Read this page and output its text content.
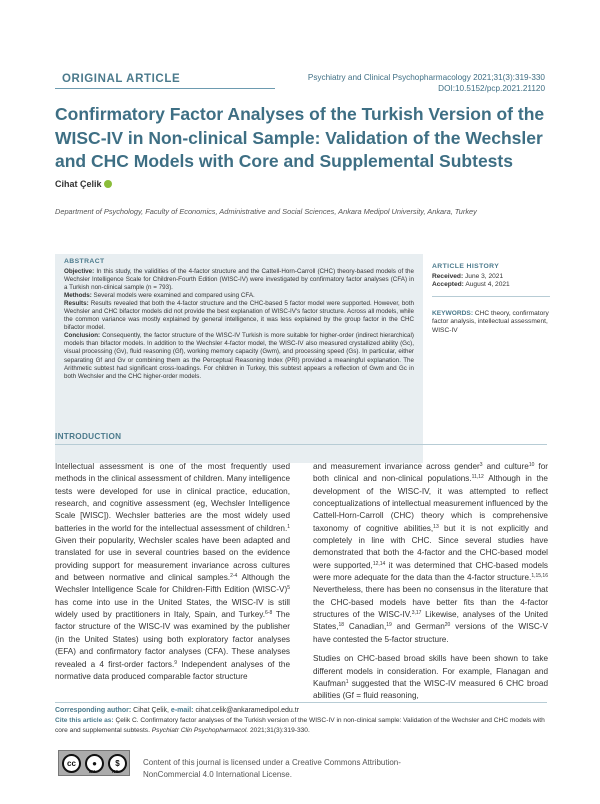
ORIGINAL ARTICLE	Psychiatry and Clinical Psychopharmacology 2021;31(3):319-330
DOI:10.5152/pcp.2021.21120
Confirmatory Factor Analyses of the Turkish Version of the WISC-IV in Non-clinical Sample: Validation of the Wechsler and CHC Models with Core and Supplemental Subtests
Cihat Çelik
Department of Psychology, Faculty of Economics, Administrative and Social Sciences, Ankara Medipol University, Ankara, Turkey
ABSTRACT

Objective: In this study, the validities of the 4-factor structure and the Cattell-Horn-Carroll (CHC) theory-based models of the Wechsler Intelligence Scale for Children-Fourth Edition (WISC-IV) were investigated by confirmatory factor analyses (CFA) in a Turkish non-clinical sample (n = 793).

Methods: Several models were examined and compared using CFA.

Results: Results revealed that both the 4-factor structure and the CHC-based 5 factor model were supported. However, both Wechsler and CHC bifactor models did not provide the best explanation of WISC-IV's factor structure. Across all models, while the common variance was mostly explained by general intelligence, it was less explained by the group factor in the CHC bifactor model.

Conclusion: Consequently, the factor structure of the WISC-IV Turkish is more suitable for higher-order (indirect hierarchical) models than bifactor models. In addition to the Wechsler 4-factor model, the WISC-IV also measured crystallized ability (Gc), visual processing (Gv), fluid reasoning (Gf), working memory capacity (Gwm), and processing speed (Gs). In particular, either separating Gf and Gv or combining them as the Perceptual Reasoning Index (PRI) provided a meaningful explanation. The Arithmetic subtest had significant cross-loadings. For children in Turkey, this subtest appears a reflection of Gwm and Gc in both Wechsler and the CHC higher-order models.

ARTICLE HISTORY
Received: June 3, 2021
Accepted: August 4, 2021
KEYWORDS: CHC theory, confirmatory factor analysis, intellectual assessment, WISC-IV
INTRODUCTION

Intellectual assessment is one of the most frequently used methods in the clinical assessment of children. Many intelligence tests were developed for use in clinical practice, education, research, and cognitive assessment (eg, Wechsler Intelligence Scale [WISC]). Wechsler batteries are the most widely used batteries in the world for the intellectual assessment of children.$^1$ Given their popularity, Wechsler scales have been adapted and translated for use in several countries based on the evidence providing support for measurement invariance across cultures and between normative and clinical samples.$^{2-4}$ Although the Wechsler Intelligence Scale for Children-Fifth Edition (WISC-V)$^5$ has come into use in the United States, the WISC-IV is still widely used by practitioners in Italy, Spain, and Turkey.$^{6-8}$ The factor structure of the WISC-IV was examined by the publisher (in the United States) using both exploratory factor analyses (EFA) and confirmatory factor analyses (CFA). These analyses revealed a 4 first-order factors.$^9$ Independent analyses of the normative data produced comparable factor structure

and measurement invariance across gender$^3$ and culture$^{10}$ for both clinical and non-clinical populations.$^{11,12}$ Although in the development of the WISC-IV, it was attempted to reflect conceptualizations of intellectual measurement influenced by the Cattell-Horn-Carroll (CHC) theory which is comprehensive taxonomy of cognitive abilities,$^{13}$ but it is not explicitly and completely in line with CHC. Since several studies have demonstrated that both the 4-factor and the CHC-based model were supported,$^{12,14}$ it was determined that CHC-based models were more adequate for the data than the 4-factor structure.$^{1,15,16}$ Nevertheless, there has been no consensus in the literature that the CHC-based models have better fits than the 4-factor structures of the WISC-IV.$^{3,17}$ Likewise, analyses of the United States,$^{18}$ Canadian,$^{19}$ and German$^{20}$ versions of the WISC-V have contested the 5-factor structure.

Studies on CHC-based broad skills have been shown to take different models in consideration. For example, Flanagan and Kaufman$^1$ suggested that the WISC-IV measured 6 CHC broad abilities (Gf = fluid reasoning,

Corresponding author: Cihat Çelik, e-mail: cihat.celik@ankaramedipol.edu.tr
Cite this article as: Çelik C. Confirmatory factor analyses of the Turkish version of the WISC-IV in non-clinical sample: Validation of the Wechsler and CHC models with core and supplemental subtests. Psychiatr Clin Psychopharmacol. 2021;31(3):319-330.
cc	●	$
BY	NC
Content of this journal is licensed under a Creative Commons Attribution-NonCommercial 4.0 International License.
